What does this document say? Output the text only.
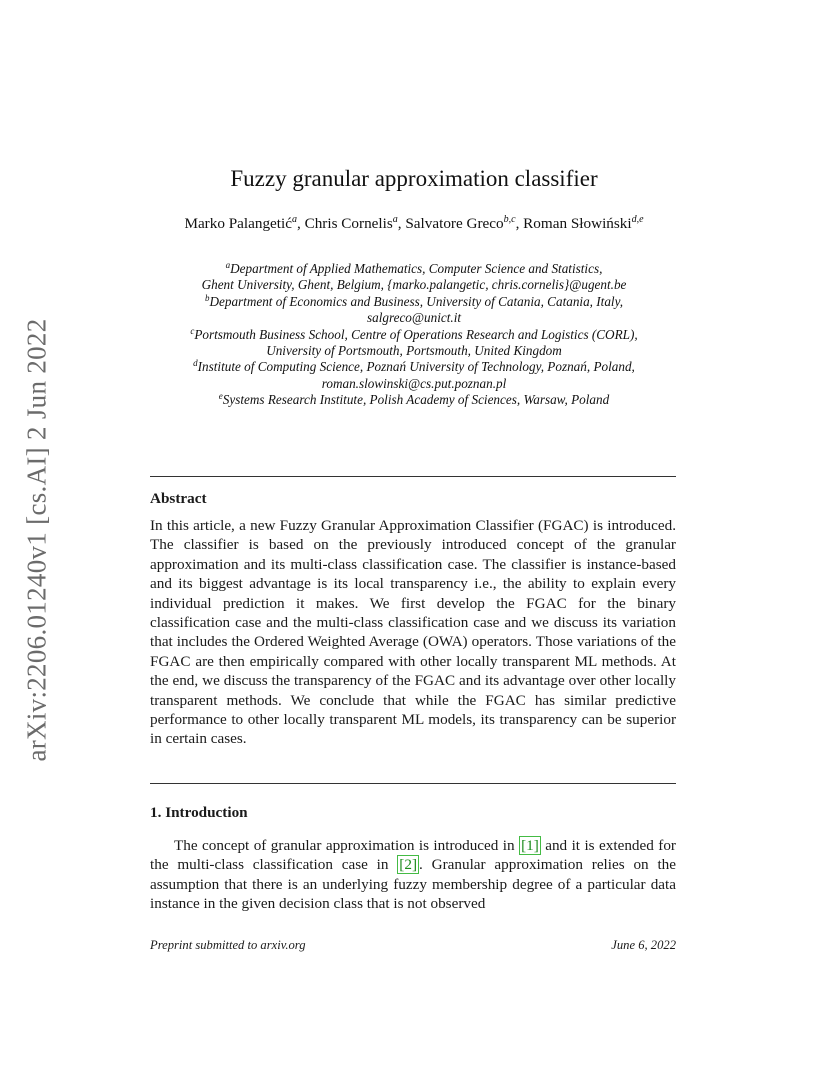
arXiv:2206.01240v1 [cs.AI] 2 Jun 2022
Fuzzy granular approximation classifier
Marko Palangetić$^a$, Chris Cornelis$^a$, Salvatore Greco$^{b,c}$, Roman Słowiński$^{d,e}$
$^a$Department of Applied Mathematics, Computer Science and Statistics,
Ghent University, Ghent, Belgium, {marko.palangetic, chris.cornelis}@ugent.be
$^b$Department of Economics and Business, University of Catania, Catania, Italy,
salgreco@unict.it
$^c$Portsmouth Business School, Centre of Operations Research and Logistics (CORL),
University of Portsmouth, Portsmouth, United Kingdom
$^d$Institute of Computing Science, Poznań University of Technology, Poznań, Poland,
roman.slowinski@cs.put.poznan.pl
$^e$Systems Research Institute, Polish Academy of Sciences, Warsaw, Poland
Abstract

In this article, a new Fuzzy Granular Approximation Classifier (FGAC) is introduced. The classifier is based on the previously introduced concept of the granular approximation and its multi-class classification case. The classifier is instance-based and its biggest advantage is its local transparency i.e., the ability to explain every individual prediction it makes. We first develop the FGAC for the binary classification case and the multi-class classification case and we discuss its variation that includes the Ordered Weighted Average (OWA) operators. Those variations of the FGAC are then empirically compared with other locally transparent ML methods. At the end, we discuss the transparency of the FGAC and its advantage over other locally transparent methods. We conclude that while the FGAC has similar predictive performance to other locally transparent ML models, its transparency can be superior in certain cases.

1. Introduction

The concept of granular approximation is introduced in [1] and it is extended for the multi-class classification case in [2] . Granular approximation relies on the assumption that there is an underlying fuzzy membership degree of a particular data instance in the given decision class that is not observed

Preprint submitted to arxiv.org	June 6, 2022
